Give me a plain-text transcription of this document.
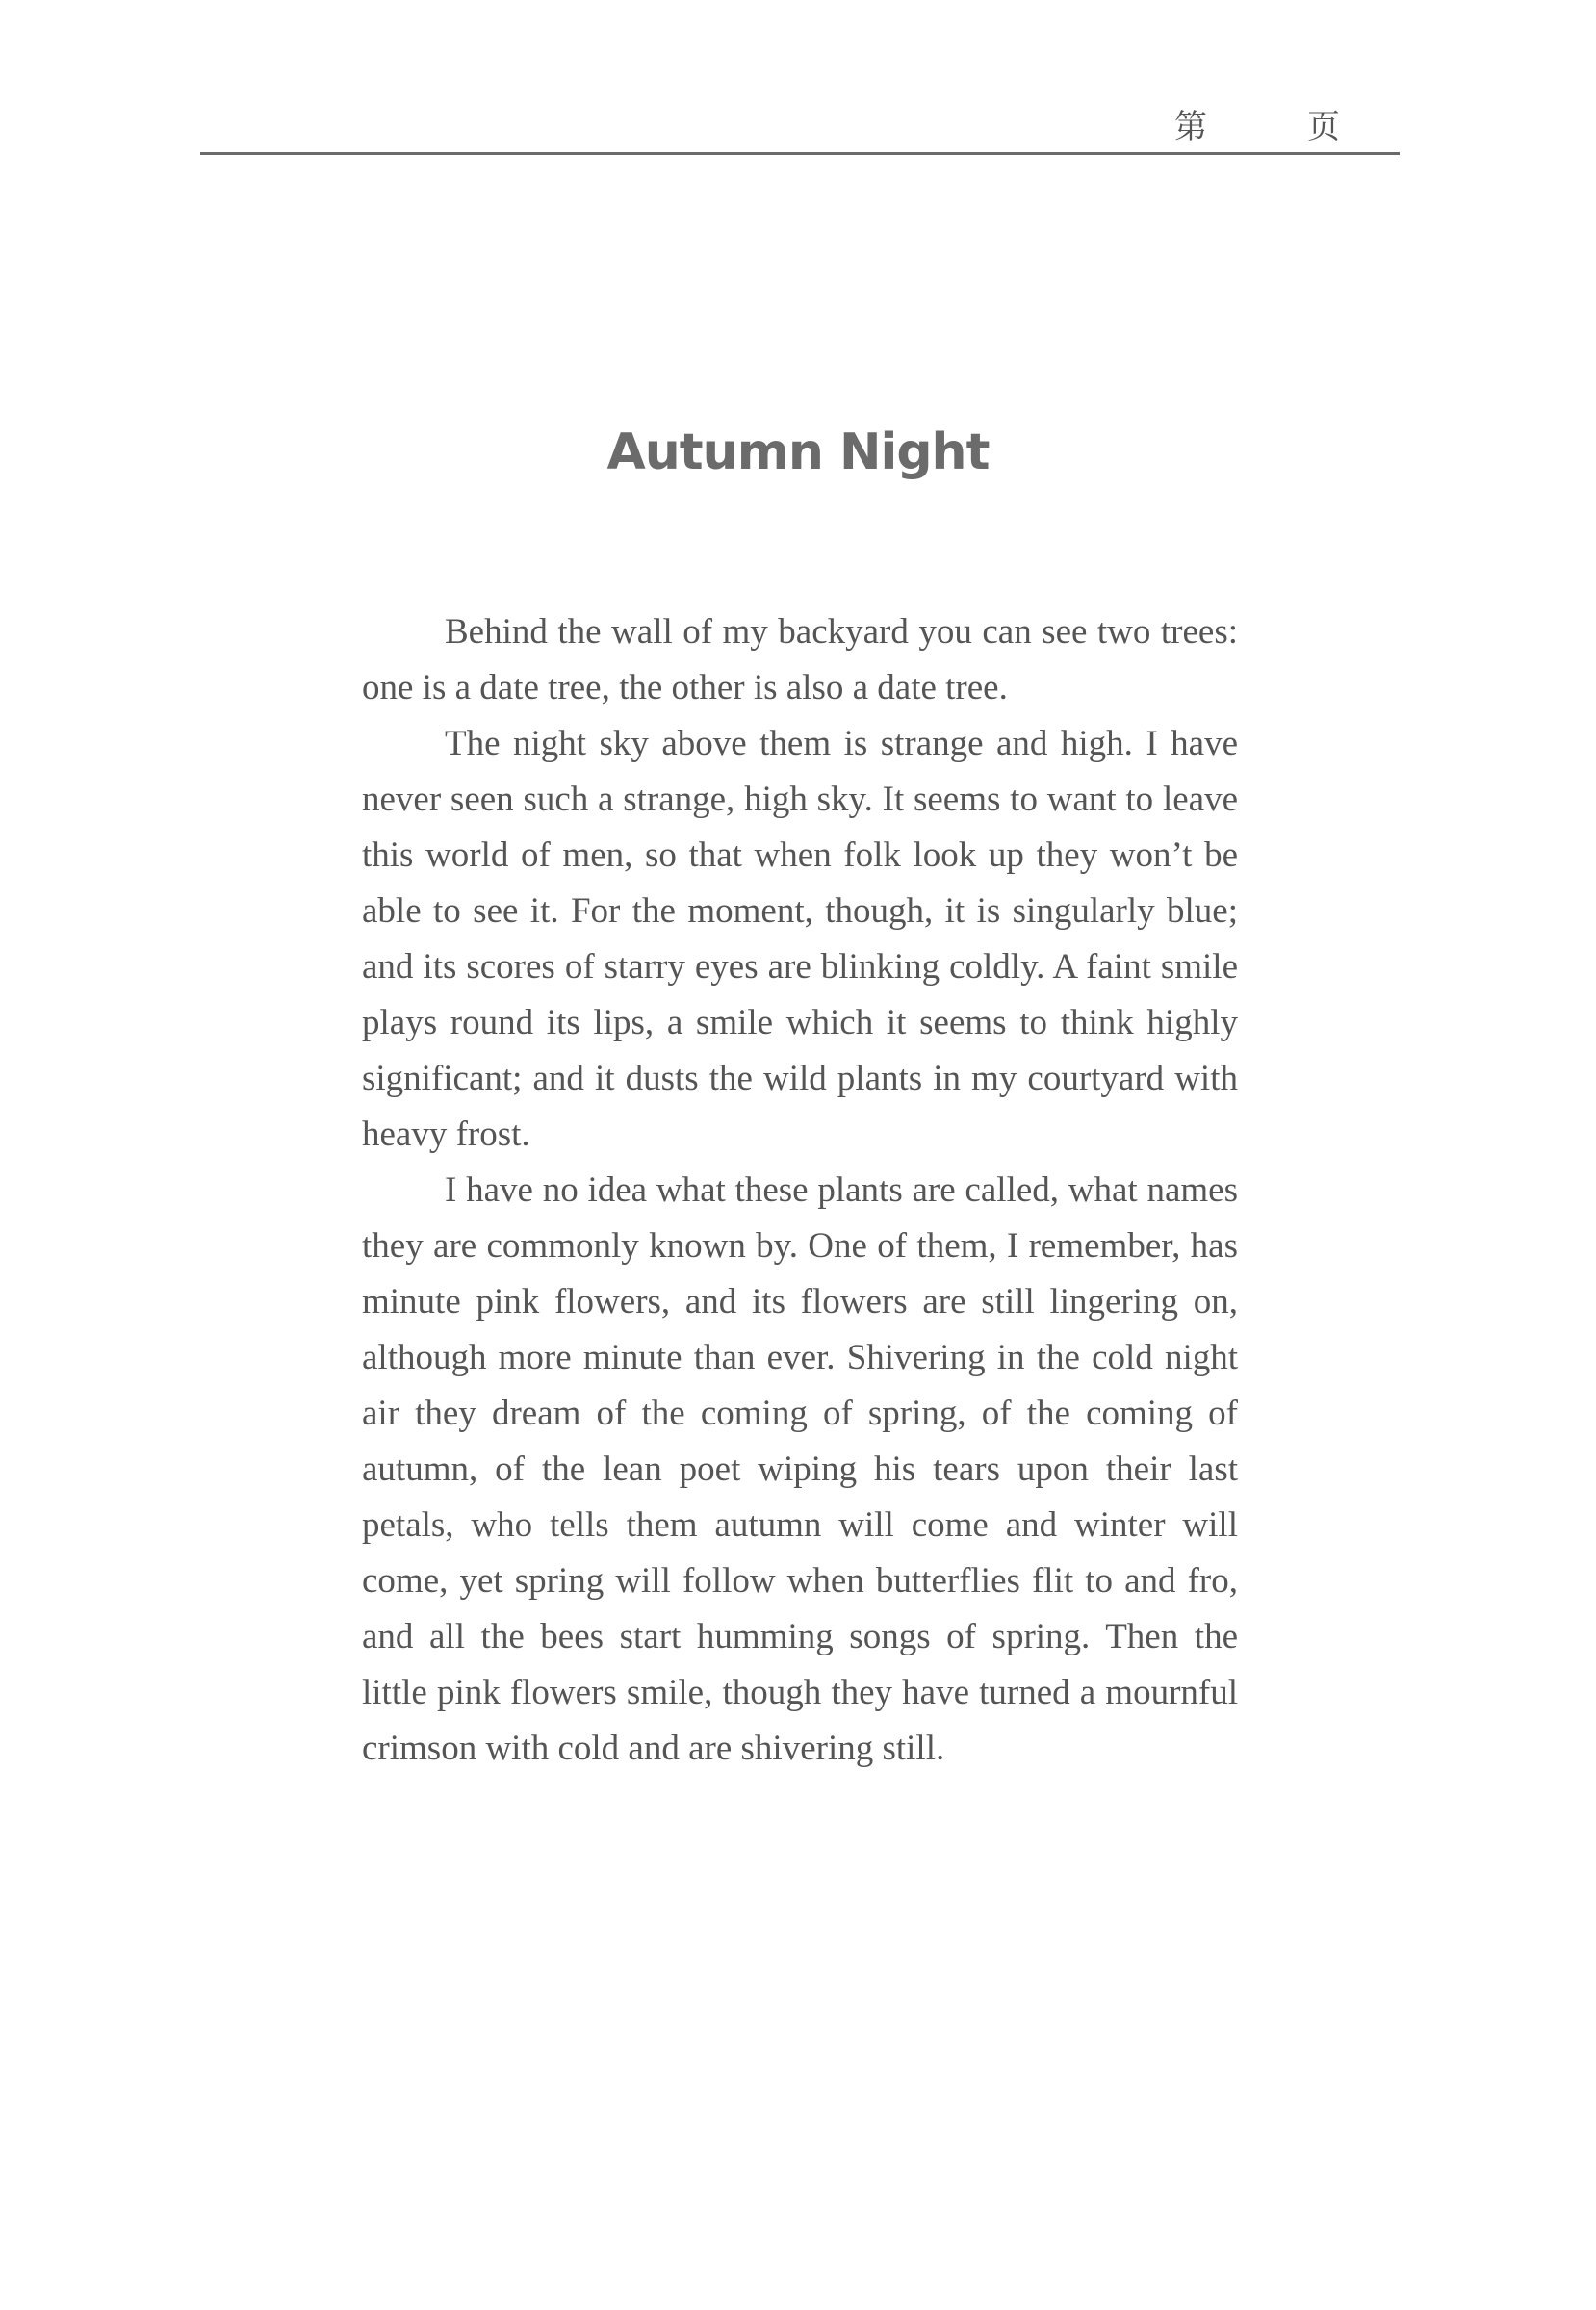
第	页
Autumn Night

Behind the wall of my backyard you can see two trees: one is a date tree, the other is also a date tree.

The night sky above them is strange and high. I have never seen such a strange, high sky. It seems to want to leave this world of men, so that when folk look up they won’t be able to see it. For the moment, though, it is singularly blue; and its scores of starry eyes are blinking coldly. A faint smile plays round its lips, a smile which it seems to think highly significant; and it dusts the wild plants in my courtyard with heavy frost.

I have no idea what these plants are called, what names they are commonly known by. One of them, I remember, has minute pink flowers, and its flowers are still lingering on, although more minute than ever. Shivering in the cold night air they dream of the coming of spring, of the coming of autumn, of the lean poet wiping his tears upon their last petals, who tells them autumn will come and winter will come, yet spring will follow when butterflies flit to and fro, and all the bees start humming songs of spring. Then the little pink flowers smile, though they have turned a mournful crimson with cold and are shivering still.
